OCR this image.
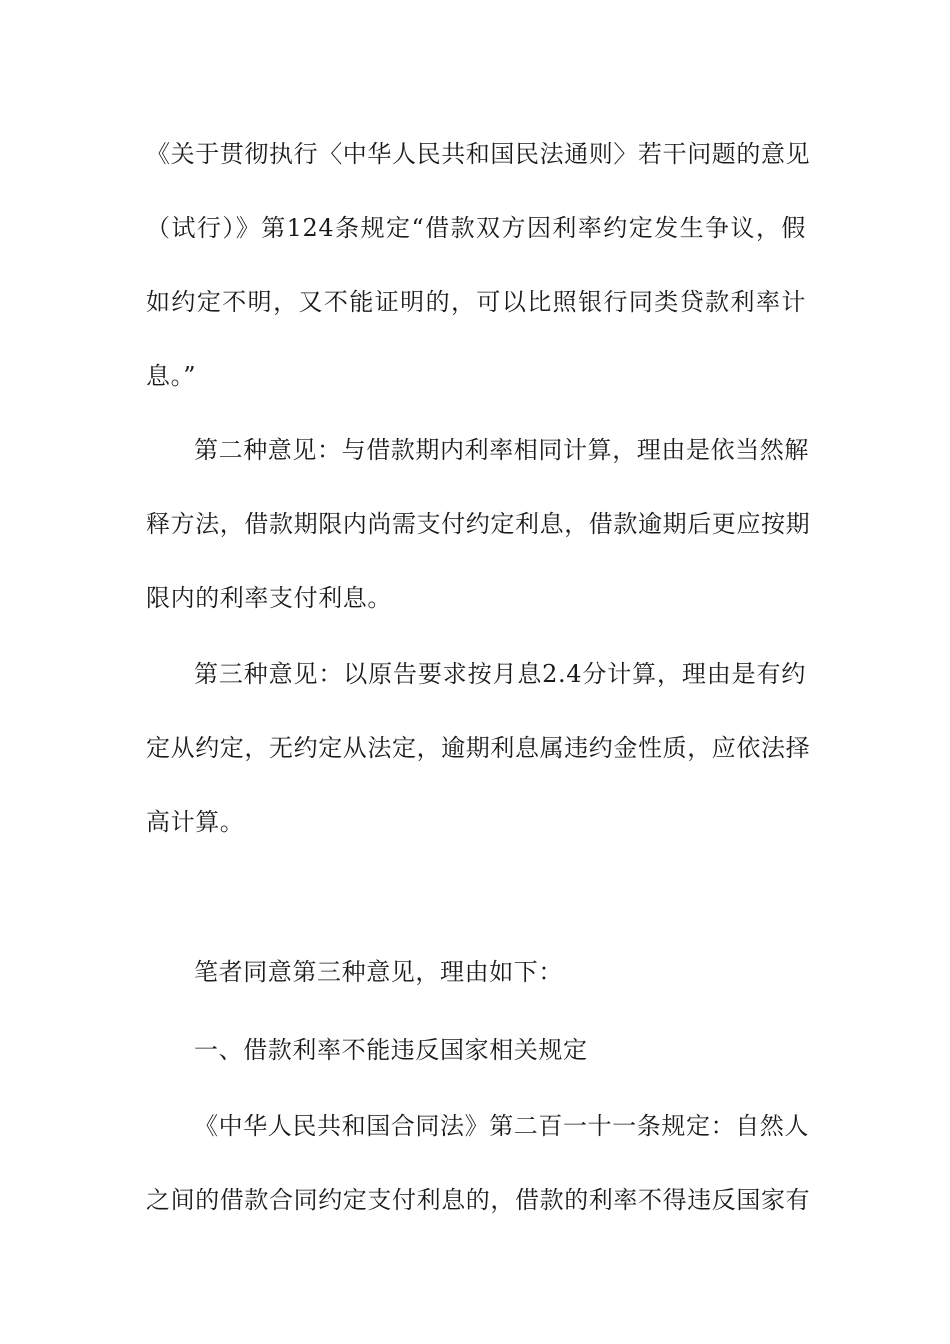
《关于贯彻执行〈中华人民共和国民法通则〉若干问题的意见
（试行）》第124条规定“借款双方因利率约定发生争议，假
如约定不明，又不能证明的，可以比照银行同类贷款利率计
息。”
第二种意见：与借款期内利率相同计算，理由是依当然解
释方法，借款期限内尚需支付约定利息，借款逾期后更应按期
限内的利率支付利息。
第三种意见：以原告要求按月息2.4分计算，理由是有约
定从约定，无约定从法定，逾期利息属违约金性质，应依法择
高计算。
笔者同意第三种意见，理由如下：
一、借款利率不能违反国家相关规定
《中华人民共和国合同法》第二百一十一条规定：自然人
之间的借款合同约定支付利息的，借款的利率不得违反国家有
